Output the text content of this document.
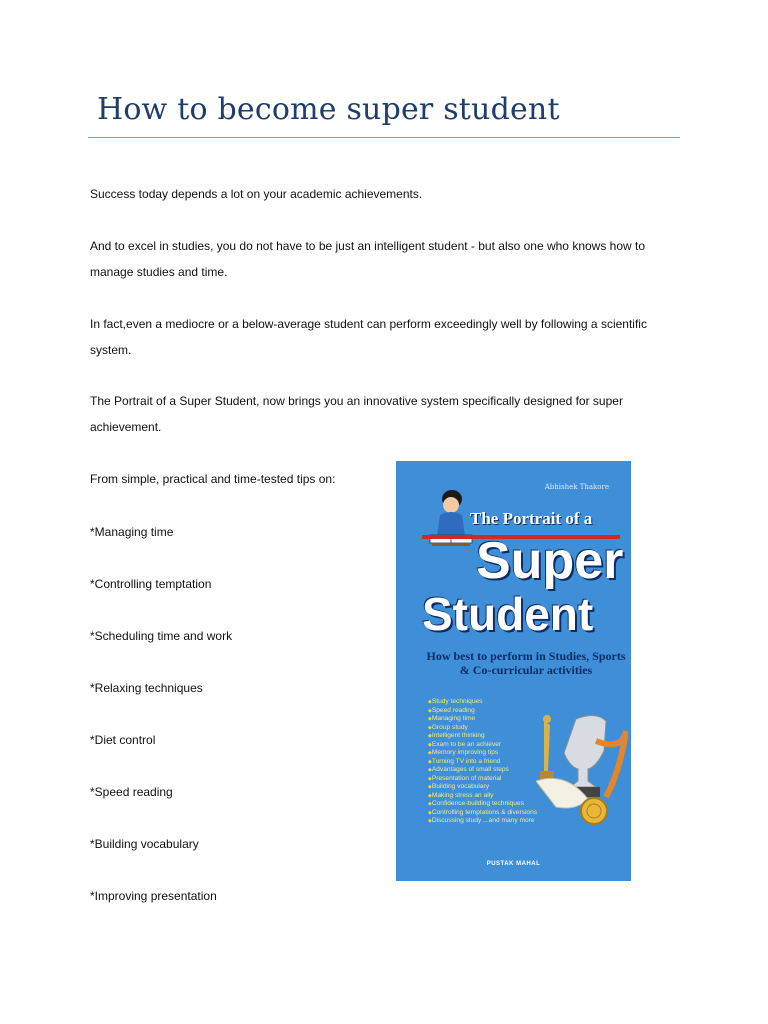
How to become super student

Success today depends a lot on your academic achievements.

And to excel in studies, you do not have to be just an intelligent student - but also one who knows how to manage studies and time.

In fact,even a mediocre or a below-average student can perform exceedingly well by following a scientific system.

The Portrait of a Super Student, now brings you an innovative system specifically designed for super achievement.

From simple, practical and time-tested tips on:

*Managing time

*Controlling temptation

*Scheduling time and work

*Relaxing techniques

*Diet control

*Speed reading

*Building vocabulary

*Improving presentation

Abhishek Thakore
The Portrait of a
Super
Student
How best to perform in Studies, Sports & Co-curricular activities
◆ Study techniques
◆ Speed reading
◆ Managing time
◆ Group study
◆ Intelligent thinking
◆ Exam to be an achiever
◆ Memory improving tips
◆ Turning TV into a friend
◆ Advantages of small steps
◆ Presentation of material
◆ Building vocabulary
◆ Making stress an ally
◆ Confidence-building techniques
◆ Controlling temptations & diversions
◆ Discussing study ...and many more
PUSTAK MAHAL
